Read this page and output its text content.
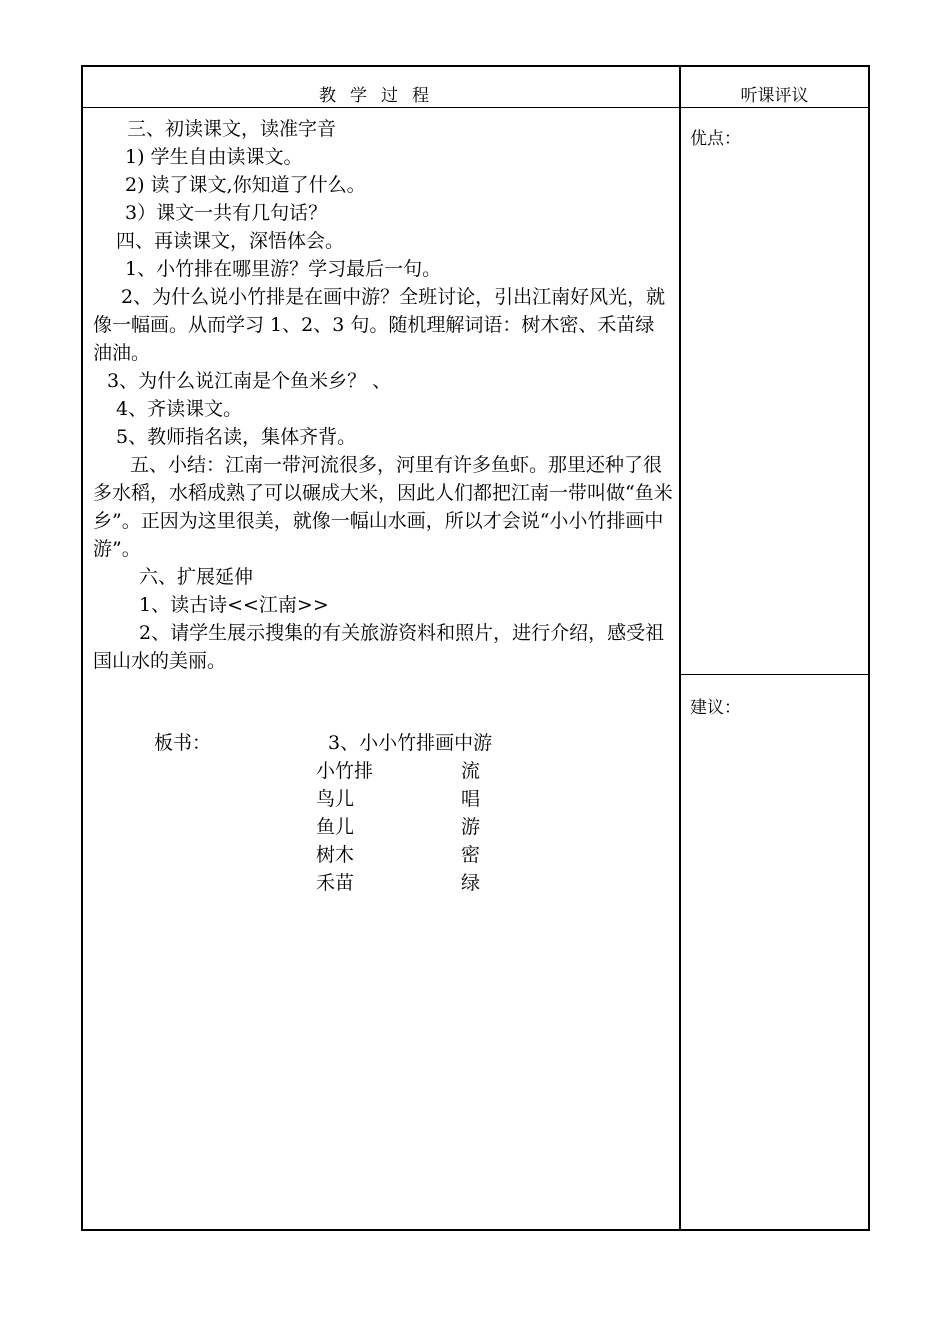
教学过程	听课评议

三、初读课文，读准字音

1) 学生自由读课文。

2) 读了课文,你知道了什么。

3）课文一共有几句话？

四、再读课文，深悟体会。

1、小竹排在哪里游？学习最后一句。

2、为什么说小竹排是在画中游？全班讨论，引出江南好风光，就像一幅画。从而学习 1、2、3 句。随机理解词语：树木密、禾苗绿油油。

3、为什么说江南是个鱼米乡？ 、

4、齐读课文。

5、教师指名读，集体齐背。

五、小结：江南一带河流很多，河里有许多鱼虾。那里还种了很多水稻，水稻成熟了可以碾成大米，因此人们都把江南一带叫做“鱼米乡”。正因为这里很美，就像一幅山水画，所以才会说“小小竹排画中游”。

六、扩展延伸

1、读古诗<<江南>>

2、请学生展示搜集的有关旅游资料和照片，进行介绍，感受祖国山水的美丽。

板书：	3、小小竹排画中游
小竹排	流
鸟儿	唱
鱼儿	游
树木	密
禾苗	绿
优点：
建议：
